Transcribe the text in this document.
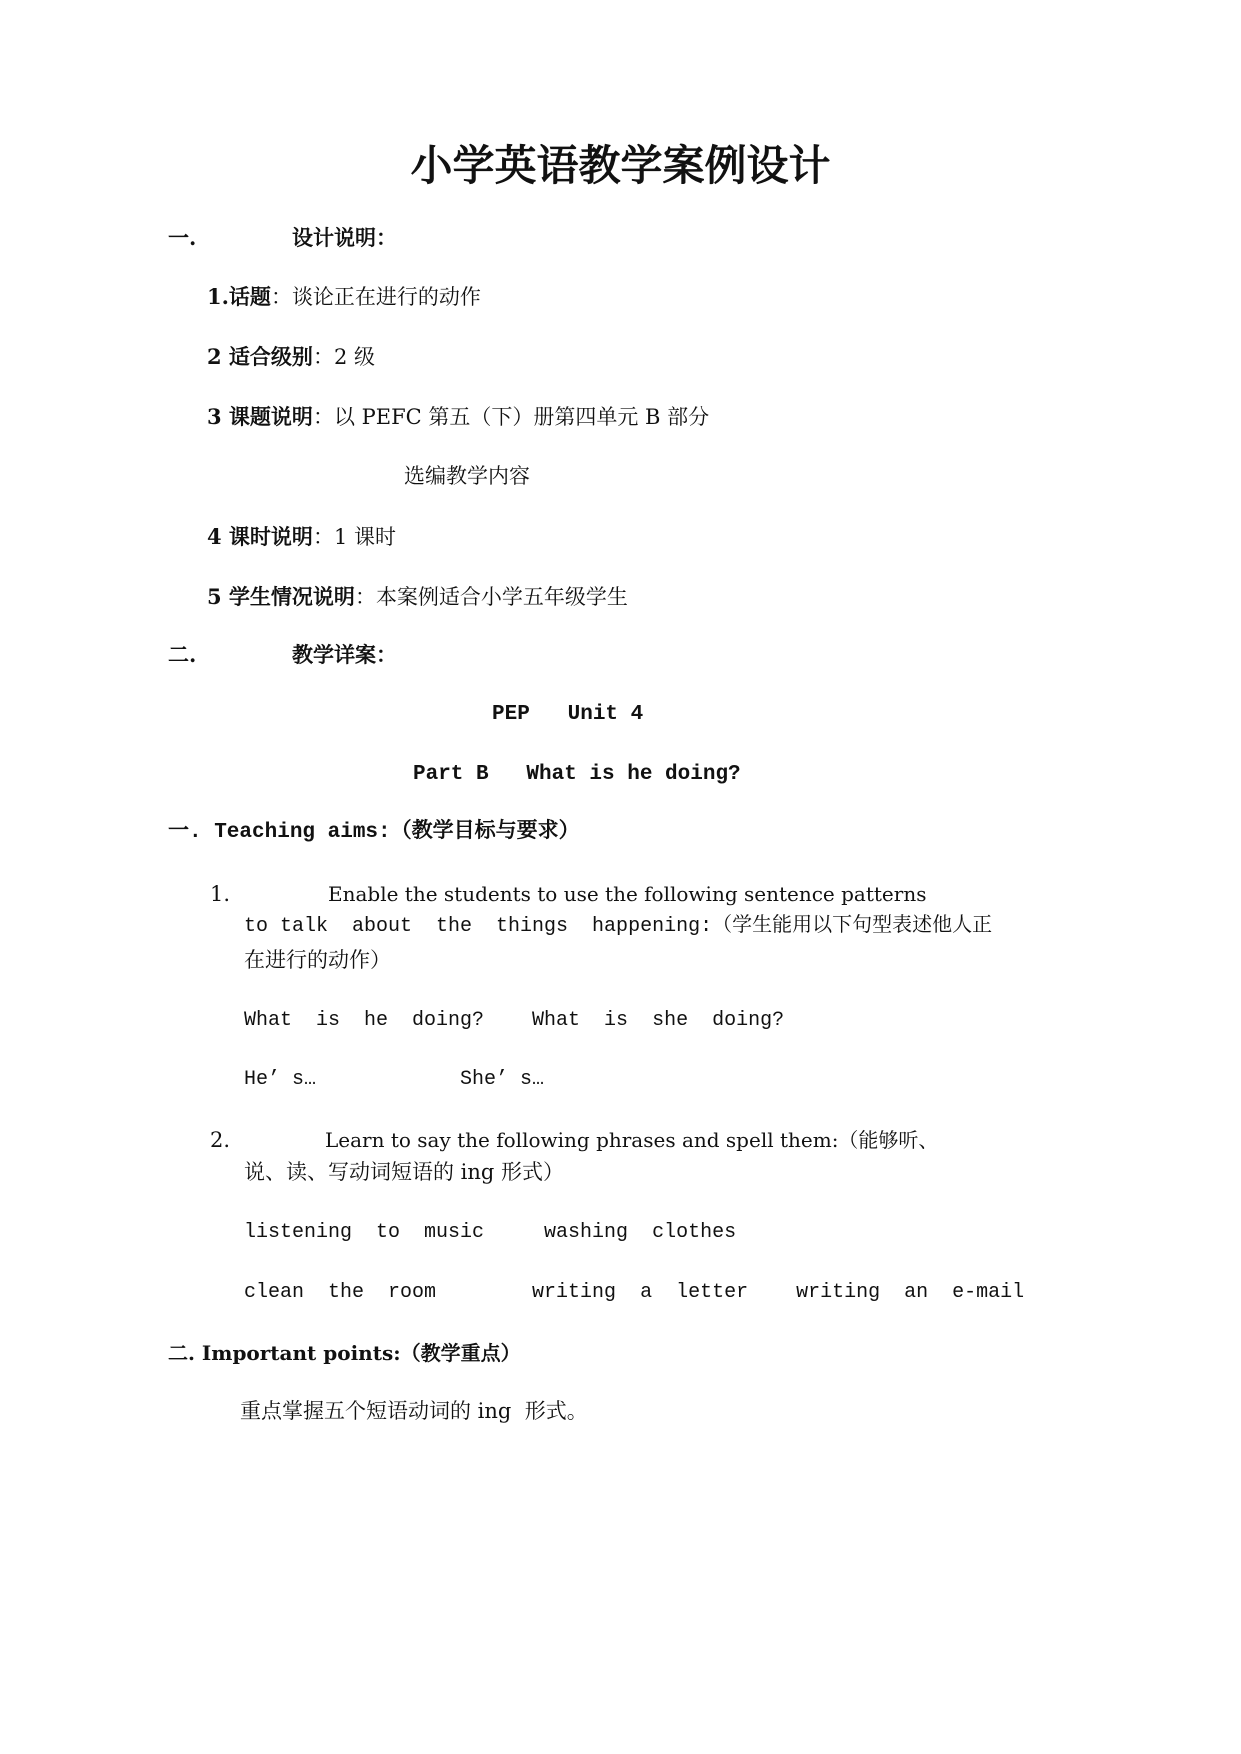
小学英语教学案例设计
一.	设计说明：
1.话题：谈论正在进行的动作
2 适合级别：2 级
3 课题说明：以 PEFC 第五（下）册第四单元 B 部分
选编教学内容
4 课时说明：1 课时
5 学生情况说明：本案例适合小学五年级学生
二.	教学详案：
PEP   Unit 4
Part B   What is he doing?
一. Teaching aims:（教学目标与要求）
1.	Enable the students to use the following sentence patterns
to talk  about  the  things  happening:（学生能用以下句型表述他人正
在进行的动作）
What  is  he  doing?    What  is  she  doing?
He’ s…            She’ s…
2.	Learn to say the following phrases and spell them:（能够听、
说、读、写动词短语的 ing 形式）
listening  to  music     washing  clothes
clean  the  room        writing  a  letter    writing  an  e-mail
二. Important points:（教学重点）
重点掌握五个短语动词的 ing  形式。
